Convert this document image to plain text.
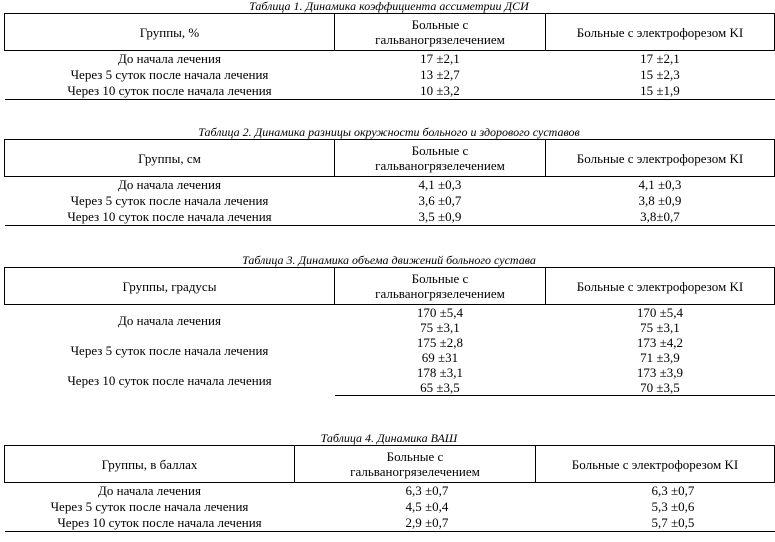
Таблица 1. Динамика коэффициента ассиметрии ДСИ
Группы, %	Больные с гальваногрязелечением	Больные с электрофорезом KI
До начала лечения	17 ±2,1	17 ±2,1
Через 5 суток после начала лечения	13 ±2,7	15 ±2,3
Через 10 суток после начала лечения	10 ±3,2	15 ±1,9
Таблица 2. Динамика разницы окружности больного и здорового суставов
Группы, см	Больные с гальваногрязелечением	Больные с электрофорезом KI
До начала лечения	4,1 ±0,3	4,1 ±0,3
Через 5 суток после начала лечения	3,6 ±0,7	3,8 ±0,9
Через 10 суток после начала лечения	3,5 ±0,9	3,8±0,7
Таблица 3. Динамика объема движений больного сустава
Группы, градусы	Больные с гальваногрязелечением	Больные с электрофорезом KI
До начала лечения	170 ±5,4	170 ±5,4
	75 ±3,1	75 ±3,1
Через 5 суток после начала лечения	175 ±2,8	173 ±4,2
	69 ±31	71 ±3,9
Через 10 суток после начала лечения	178 ±3,1	173 ±3,9
	65 ±3,5	70 ±3,5
Таблица 4. Динамика ВАШ
Группы, в баллах	Больные с гальваногрязелечением	Больные с электрофорезом KI
До начала лечения	6,3 ±0,7	6,3 ±0,7
Через 5 суток после начала лечения	4,5 ±0,4	5,3 ±0,6
Через 10 суток после начала лечения	2,9 ±0,7	5,7 ±0,5
